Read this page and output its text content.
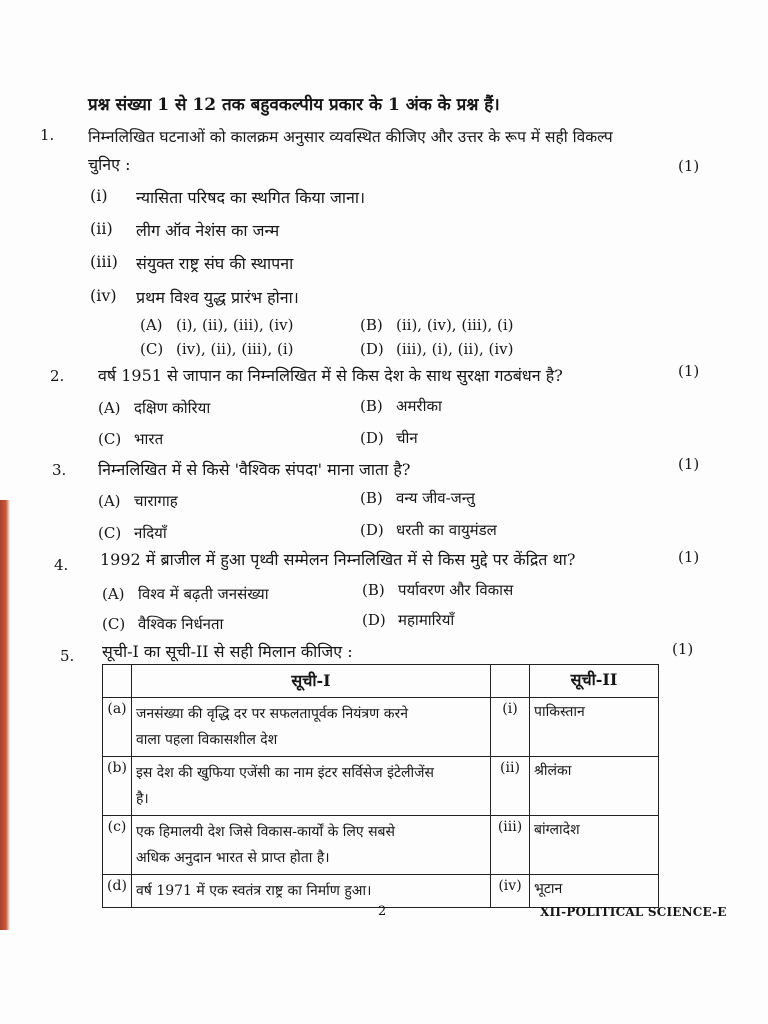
प्रश्न संख्या 1 से 12 तक बहुवकल्पीय प्रकार के 1 अंक के प्रश्न हैं।
1. निम्नलिखित घटनाओं को कालक्रम अनुसार व्यवस्थित कीजिए और उत्तर के रूप में सही विकल्प
चुनिए :	(1)
(i) न्यासिता परिषद का स्थगित किया जाना।
(ii) लीग ऑव नेशंस का जन्म
(iii) संयुक्त राष्ट्र संघ की स्थापना
(iv) प्रथम विश्व युद्ध प्रारंभ होना।
(A) (i), (ii), (iii), (iv)	(B) (ii), (iv), (iii), (i)
(C) (iv), (ii), (iii), (i)	(D) (iii), (i), (ii), (iv)
2. वर्ष 1951 से जापान का निम्नलिखित में से किस देश के साथ सुरक्षा गठबंधन है?	(1)
(A) दक्षिण कोरिया	(B) अमरीका
(C) भारत	(D) चीन
3. निम्नलिखित में से किसे 'वैश्विक संपदा' माना जाता है?	(1)
(A) चारागाह	(B) वन्य जीव-जन्तु
(C) नदियाँ	(D) धरती का वायुमंडल
4. 1992 में ब्राजील में हुआ पृथ्वी सम्मेलन निम्नलिखित में से किस मुद्दे पर केंद्रित था?	(1)
(A) विश्व में बढ़ती जनसंख्या	(B) पर्यावरण और विकास
(C) वैश्विक निर्धनता	(D) महामारियाँ
5. सूची-I का सूची-II से सही मिलान कीजिए :	(1)
	सूची-I		सूची-II
(a)	जनसंख्या की वृद्धि दर पर सफलतापूर्वक नियंत्रण करने
वाला पहला विकासशील देश	(i)	पाकिस्तान
(b)	इस देश की खुफिया एजेंसी का नाम इंटर सर्विसेज इंटेलीजेंस
है।	(ii)	श्रीलंका
(c)	एक हिमालयी देश जिसे विकास-कार्यों के लिए सबसे
अधिक अनुदान भारत से प्राप्त होता है।	(iii)	बांग्लादेश
(d)	वर्ष 1971 में एक स्वतंत्र राष्ट्र का निर्माण हुआ।	(iv)	भूटान
2	XII-POLITICAL SCIENCE-E
